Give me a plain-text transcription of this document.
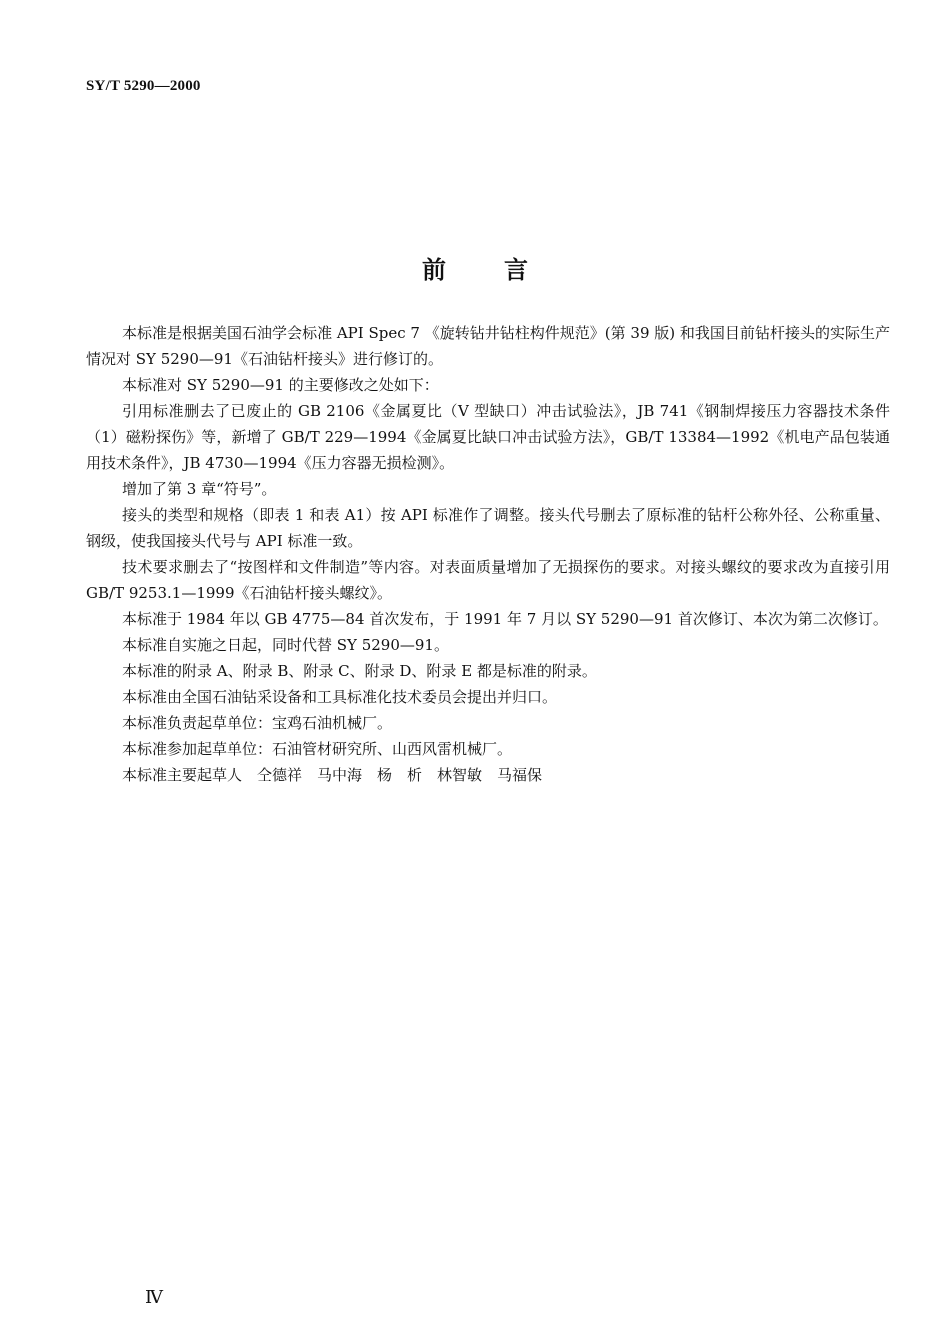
SY/T 5290—2000
前言

本标准是根据美国石油学会标准 API Spec 7 《旋转钻井钻柱构件规范》(第 39 版) 和我国目前钻杆接头的实际生产情况对 SY 5290—91《石油钻杆接头》进行修订的。

本标准对 SY 5290—91 的主要修改之处如下：

引用标准删去了已废止的 GB 2106《金属夏比（V 型缺口）冲击试验法》，JB 741《钢制焊接压力容器技术条件（1）磁粉探伤》等，新增了 GB/T 229—1994《金属夏比缺口冲击试验方法》，GB/T 13384—1992《机电产品包装通用技术条件》，JB 4730—1994《压力容器无损检测》。

增加了第 3 章“符号”。

接头的类型和规格（即表 1 和表 A1）按 API 标准作了调整。接头代号删去了原标准的钻杆公称外径、公称重量、钢级，使我国接头代号与 API 标准一致。

技术要求删去了“按图样和文件制造”等内容。对表面质量增加了无损探伤的要求。对接头螺纹的要求改为直接引用 GB/T 9253.1—1999《石油钻杆接头螺纹》。

本标准于 1984 年以 GB 4775—84 首次发布，于 1991 年 7 月以 SY 5290—91 首次修订、本次为第二次修订。

本标准自实施之日起，同时代替 SY 5290—91。

本标准的附录 A、附录 B、附录 C、附录 D、附录 E 都是标准的附录。

本标准由全国石油钻采设备和工具标准化技术委员会提出并归口。

本标准负责起草单位：宝鸡石油机械厂。

本标准参加起草单位：石油管材研究所、山西风雷机械厂。

本标准主要起草人　仝德祥　马中海　杨　析　林智敏　马福保

Ⅳ
